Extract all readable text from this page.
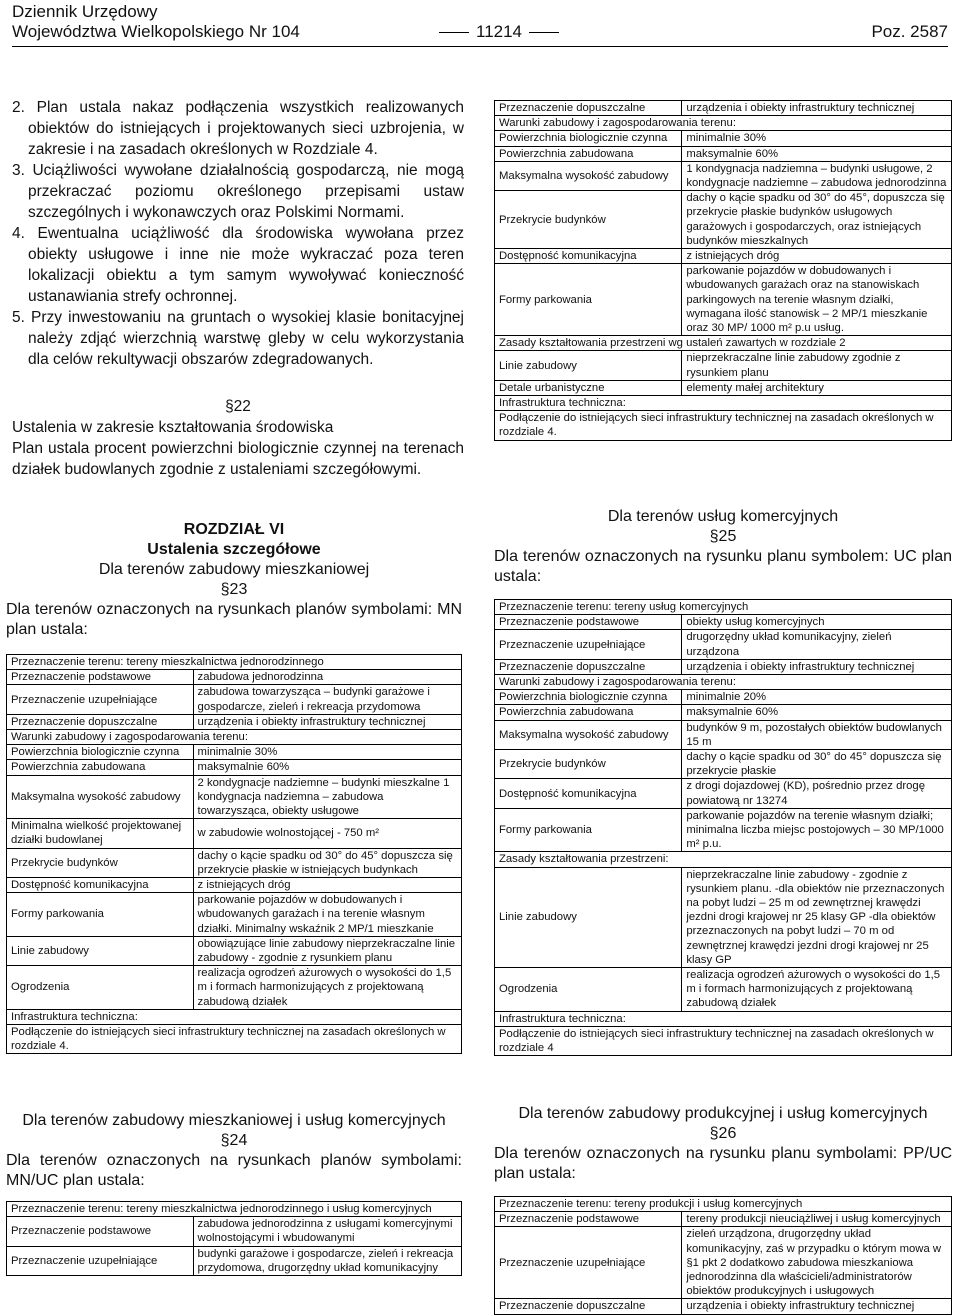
Dziennik Urzędowy
Województwa Wielkopolskiego Nr 104	11214	Poz. 2587

2. Plan ustala nakaz podłączenia wszystkich realizowanych obiektów do istniejących i projektowanych sieci uzbrojenia, w zakresie i na zasadach określonych w Rozdziale 4.

3. Uciążliwości wywołane działalnością gospodarczą, nie mogą przekraczać poziomu określonego przepisami ustaw szczególnych i wykonawczych oraz Polskimi Normami.

4. Ewentualna uciążliwość dla środowiska wywołana przez obiekty usługowe i inne nie może wykraczać poza teren lokalizacji obiektu a tym samym wywoływać konieczność ustanawiania strefy ochronnej.

5. Przy inwestowaniu na gruntach o wysokiej klasie bonitacyjnej należy zdjąć wierzchnią warstwę gleby w celu wykorzystania dla celów rekultywacji obszarów zdegradowanych.

§22
Ustalenia w zakresie kształtowania środowiska
Plan ustala procent powierzchni biologicznie czynnej na terenach działek budowlanych zgodnie z ustaleniami szczegółowymi.
Przeznaczenie dopuszczalne	urządzenia i obiekty infrastruktury technicznej
Warunki zabudowy i zagospodarowania terenu:	
Powierzchnia biologicznie czynna	minimalnie 30%
Powierzchnia zabudowana	maksymalnie 60%
Maksymalna wysokość zabudowy	1 kondygnacja nadziemna – budynki usługowe, 2 kondygnacje nadziemne – zabudowa jednorodzinna
Przekrycie budynków	dachy o kącie spadku od 30° do 45°, dopuszcza się przekrycie płaskie budynków usługowych garażowych i gospodarczych, oraz istniejących budynków mieszkalnych
Dostępność komunikacyjna	z istniejących dróg
Formy parkowania	parkowanie pojazdów w dobudowanych i wbudowanych garażach oraz na stanowiskach parkingowych na terenie własnym działki, wymagana ilość stanowisk – 2 MP/1 mieszkanie oraz 30 MP/ 1000 m² p.u usług.
Zasady kształtowania przestrzeni wg ustaleń zawartych w rozdziale 2	
Linie zabudowy	nieprzekraczalne linie zabudowy zgodnie z rysunkiem planu
Detale urbanistyczne	elementy małej architektury
Infrastruktura techniczna:	
Podłączenie do istniejących sieci infrastruktury technicznej na zasadach określonych w rozdziale 4.	
ROZDZIAŁ VI
Ustalenia szczegółowe
Dla terenów zabudowy mieszkaniowej
§23
Dla terenów oznaczonych na rysunkach planów symbolami: MN plan ustala:
Przeznaczenie terenu: tereny mieszkalnictwa jednorodzinnego	
Przeznaczenie podstawowe	zabudowa jednorodzinna
Przeznaczenie uzupełniające	zabudowa towarzysząca – budynki garażowe i gospodarcze, zieleń i rekreacja przydomowa
Przeznaczenie dopuszczalne	urządzenia i obiekty infrastruktury technicznej
Warunki zabudowy i zagospodarowania terenu:	
Powierzchnia biologicznie czynna	minimalnie 30%
Powierzchnia zabudowana	maksymalnie 60%
Maksymalna wysokość zabudowy	2 kondygnacje nadziemne – budynki mieszkalne 1 kondygnacja nadziemna – zabudowa towarzysząca, obiekty usługowe
Minimalna wielkość projektowanej działki budowlanej	w zabudowie wolnostojącej - 750 m²
Przekrycie budynków	dachy o kącie spadku od 30° do 45° dopuszcza się przekrycie płaskie w istniejących budynkach
Dostępność komunikacyjna	z istniejących dróg
Formy parkowania	parkowanie pojazdów w dobudowanych i wbudowanych garażach i na terenie własnym działki. Minimalny wskaźnik 2 MP/1 mieszkanie
Linie zabudowy	obowiązujące linie zabudowy nieprzekraczalne linie zabudowy - zgodnie z rysunkiem planu
Ogrodzenia	realizacja ogrodzeń ażurowych o wysokości do 1,5 m i formach harmonizujących z projektowaną zabudową działek
Infrastruktura techniczna:	
Podłączenie do istniejących sieci infrastruktury technicznej na zasadach określonych w rozdziale 4.	
Dla terenów usług komercyjnych
§25
Dla terenów oznaczonych na rysunku planu symbolem: UC plan ustala:
Przeznaczenie terenu: tereny usług komercyjnych	
Przeznaczenie podstawowe	obiekty usług komercyjnych
Przeznaczenie uzupełniające	drugorzędny układ komunikacyjny, zieleń urządzona
Przeznaczenie dopuszczalne	urządzenia i obiekty infrastruktury technicznej
Warunki zabudowy i zagospodarowania terenu:	
Powierzchnia biologicznie czynna	minimalnie 20%
Powierzchnia zabudowana	maksymalnie 60%
Maksymalna wysokość zabudowy	budynków 9 m, pozostałych obiektów budowlanych 15 m
Przekrycie budynków	dachy o kącie spadku od 30° do 45° dopuszcza się przekrycie płaskie
Dostępność komunikacyjna	z drogi dojazdowej (KD), pośrednio przez drogę powiatową nr 13274
Formy parkowania	parkowanie pojazdów na terenie własnym działki; minimalna liczba miejsc postojowych – 30 MP/1000 m² p.u.
Zasady kształtowania przestrzeni:	
Linie zabudowy	nieprzekraczalne linie zabudowy - zgodnie z rysunkiem planu. -dla obiektów nie przeznaczonych na pobyt ludzi – 25 m od zewnętrznej krawędzi jezdni drogi krajowej nr 25 klasy GP -dla obiektów przeznaczonych na pobyt ludzi – 70 m od zewnętrznej krawędzi jezdni drogi krajowej nr 25 klasy GP
Ogrodzenia	realizacja ogrodzeń ażurowych o wysokości do 1,5 m i formach harmonizujących z projektowaną zabudową działek
Infrastruktura techniczna:	
Podłączenie do istniejących sieci infrastruktury technicznej na zasadach określonych w rozdziale 4	
Dla terenów zabudowy mieszkaniowej i usług komercyjnych
§24
Dla terenów oznaczonych na rysunkach planów symbolami: MN/UC plan ustala:
Przeznaczenie terenu: tereny mieszkalnictwa jednorodzinnego i usług komercyjnych	
Przeznaczenie podstawowe	zabudowa jednorodzinna z usługami komercyjnymi wolnostojącymi i wbudowanymi
Przeznaczenie uzupełniające	budynki garażowe i gospodarcze, zieleń i rekreacja przydomowa, drugorzędny układ komunikacyjny
Dla terenów zabudowy produkcyjnej i usług komercyjnych
§26
Dla terenów oznaczonych na rysunku planu symbolami: PP/UC plan ustala:
Przeznaczenie terenu: tereny produkcji i usług komercyjnych	
Przeznaczenie podstawowe	tereny produkcji nieuciążliwej i usług komercyjnych
Przeznaczenie uzupełniające	zieleń urządzona, drugorzędny układ komunikacyjny, zaś w przypadku o którym mowa w §1 pkt 2 dodatkowo zabudowa mieszkaniowa jednorodzinna dla właścicieli/administratorów obiektów produkcyjnych i usługowych
Przeznaczenie dopuszczalne	urządzenia i obiekty infrastruktury technicznej
